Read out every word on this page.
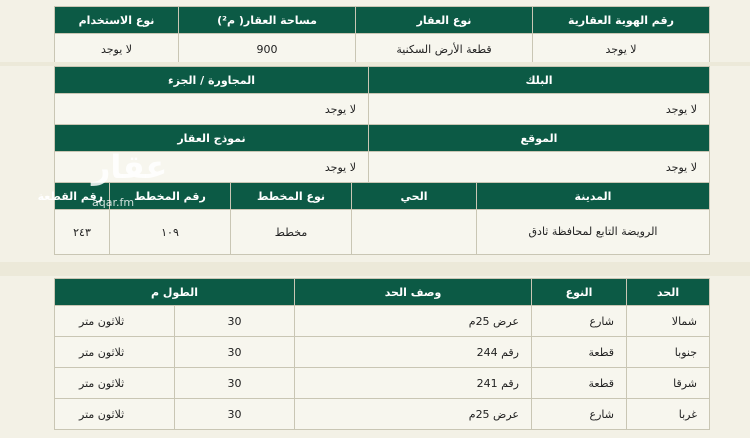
رقم الهوية العقارية	نوع العقار	مساحة العقار( م²)	نوع الاستخدام
لا يوجد	قطعة الأرض السكنية	900	لا يوجد
البلك	المجاورة / الجزء
لا يوجد	لا يوجد
الموقع	نموذج العقار
لا يوجد	لا يوجد
المدينة	الحي	نوع المخطط	رقم المخطط	رقم القطعة
الرويضة التابع لمحافظة ثادق		مخطط	١٠٩	٢٤٣
الحد	النوع	وصف الحد	الطول م	
شمالا	شارع	عرض 25م	30	ثلاثون متر
جنوبا	قطعة	رقم 244	30	ثلاثون متر
شرقا	قطعة	رقم 241	30	ثلاثون متر
غربا	شارع	عرض 25م	30	ثلاثون متر
عقار
aqar.fm
